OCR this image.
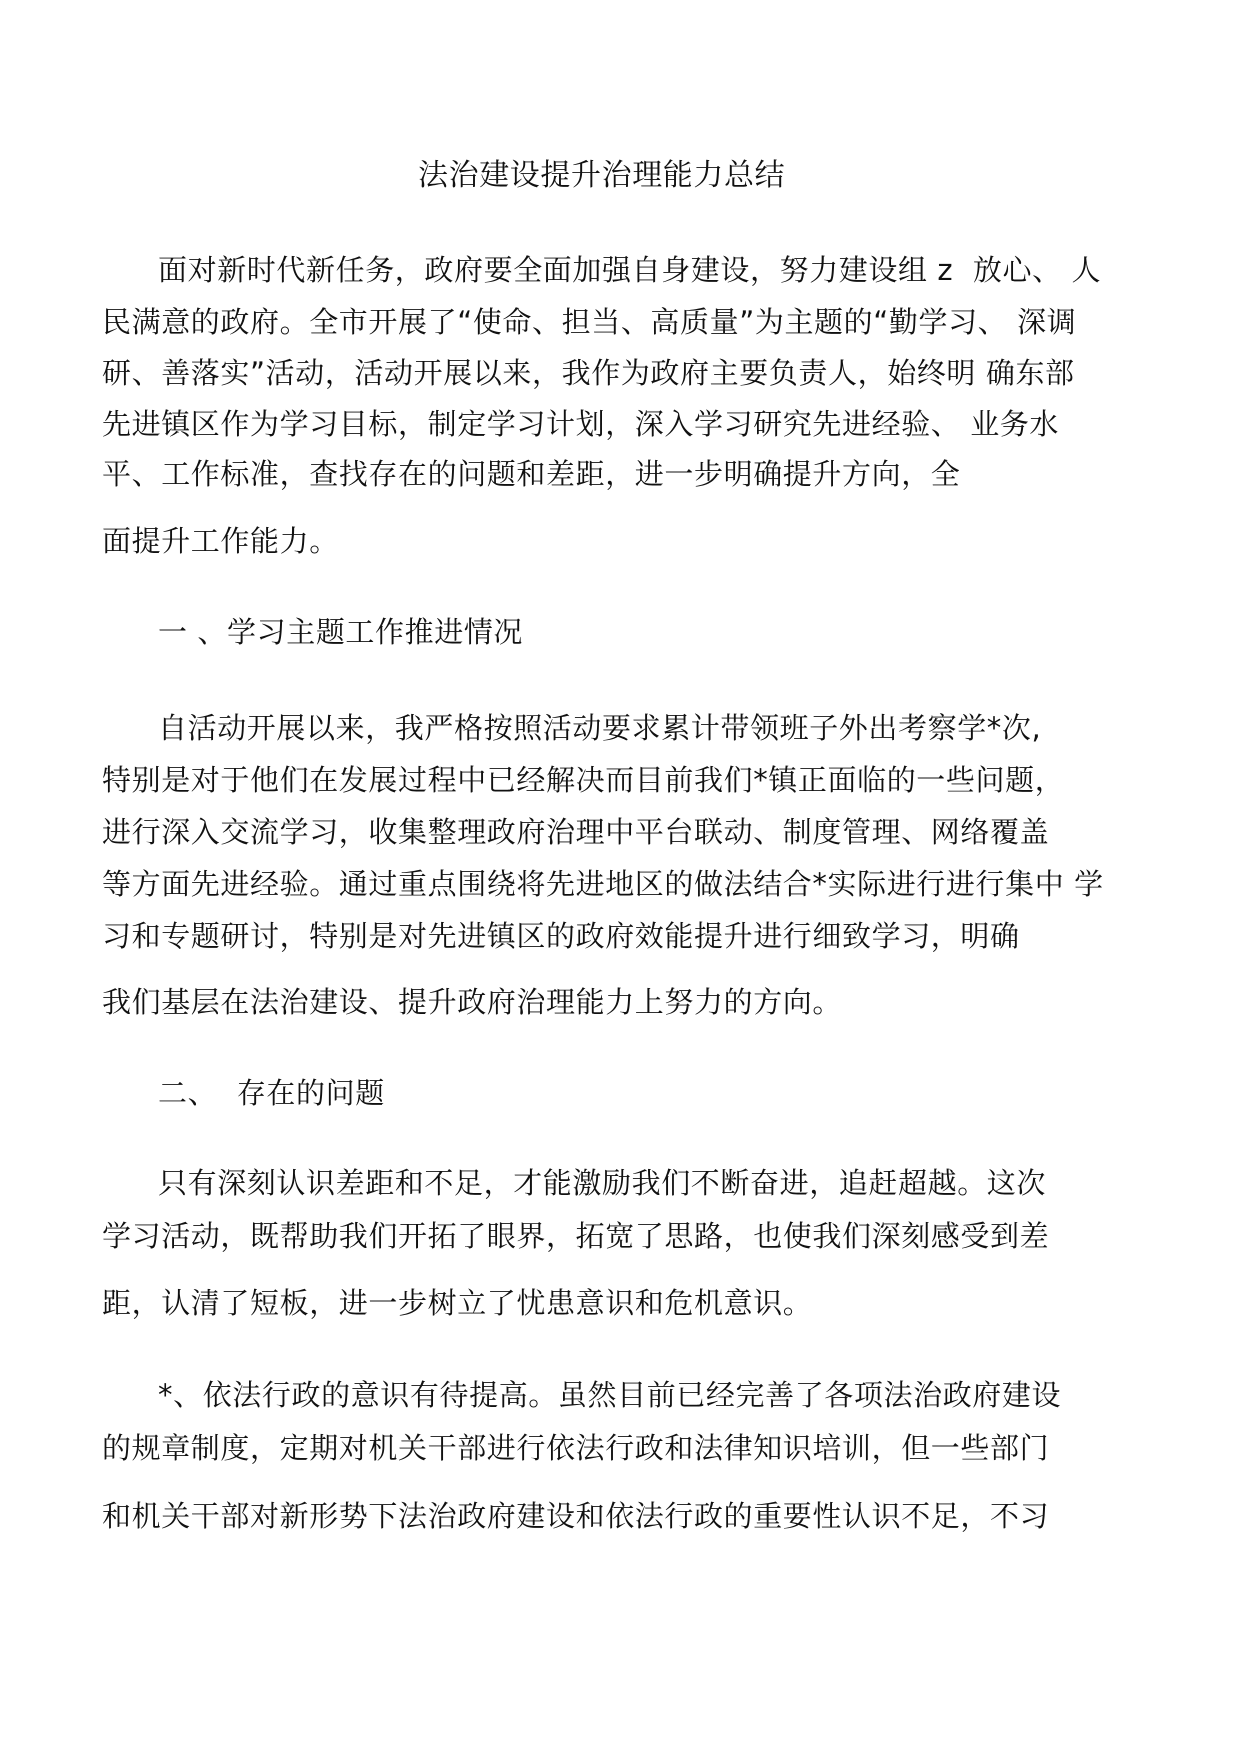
法治建设提升治理能力总结
面对新时代新任务，政府要全面加强自身建设，努力建设组 z  放心、 人
民满意的政府。全市开展了“使命、担当、高质量”为主题的“勤学习、 深调
研、善落实”活动，活动开展以来，我作为政府主要负责人，始终明 确东部
先进镇区作为学习目标，制定学习计划，深入学习研究先进经验、 业务水
平、工作标准，查找存在的问题和差距，进一步明确提升方向，全
面提升工作能力。
一 、学习主题工作推进情况
自活动开展以来，我严格按照活动要求累计带领班子外出考察学*次,
特别是对于他们在发展过程中已经解决而目前我们*镇正面临的一些问题，
进行深入交流学习，收集整理政府治理中平台联动、制度管理、网络覆盖
等方面先进经验。通过重点围绕将先进地区的做法结合*实际进行进行集中 学
习和专题研讨，特别是对先进镇区的政府效能提升进行细致学习，明确
我们基层在法治建设、提升政府治理能力上努力的方向。
二、  存在的问题
只有深刻认识差距和不足，才能激励我们不断奋进，追赶超越。这次
学习活动，既帮助我们开拓了眼界，拓宽了思路，也使我们深刻感受到差
距，认清了短板，进一步树立了忧患意识和危机意识。
*、依法行政的意识有待提高。虽然目前已经完善了各项法治政府建设
的规章制度，定期对机关干部进行依法行政和法律知识培训，但一些部门
和机关干部对新形势下法治政府建设和依法行政的重要性认识不足，不习
